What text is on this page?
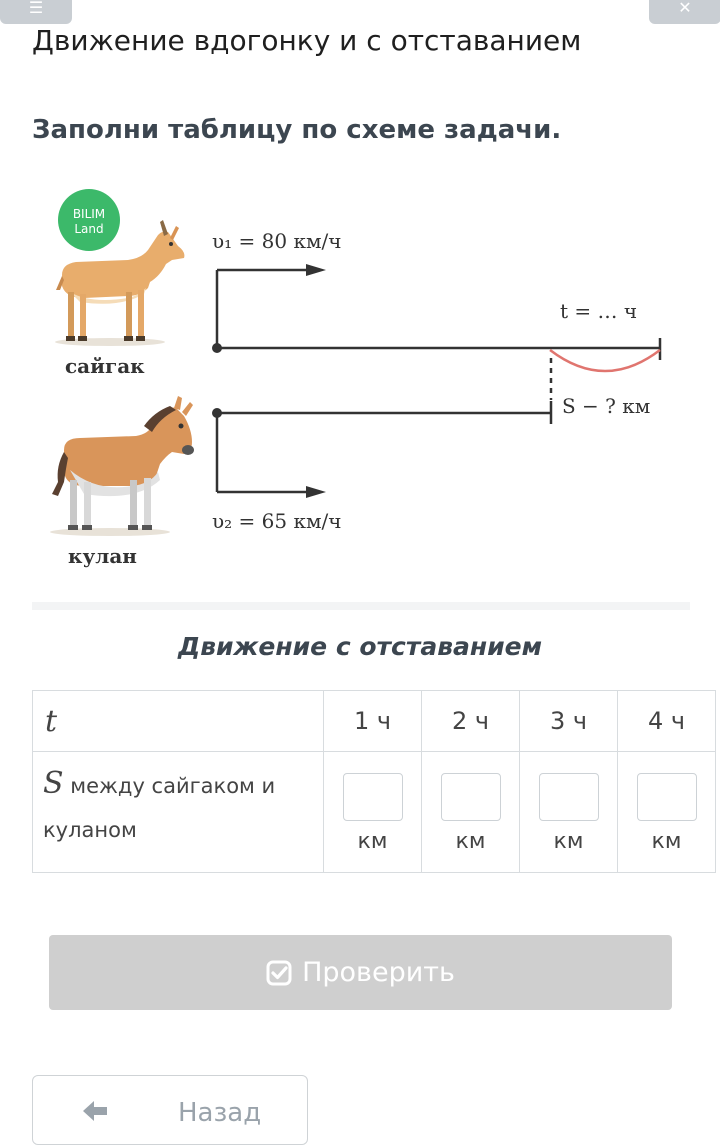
☰	✕
Движение вдогонку и с отставанием
Заполни таблицу по схеме задачи.
BILIM
Land
сайгак
кулан
υ₁ = 80 км/ч
t = … ч
S − ? км
υ₂ = 65 км/ч
Движение с отставанием
t	1 ч	2 ч	3 ч	4 ч
S между сайгаком и куланом	км	км	км	км
Проверить
Назад
